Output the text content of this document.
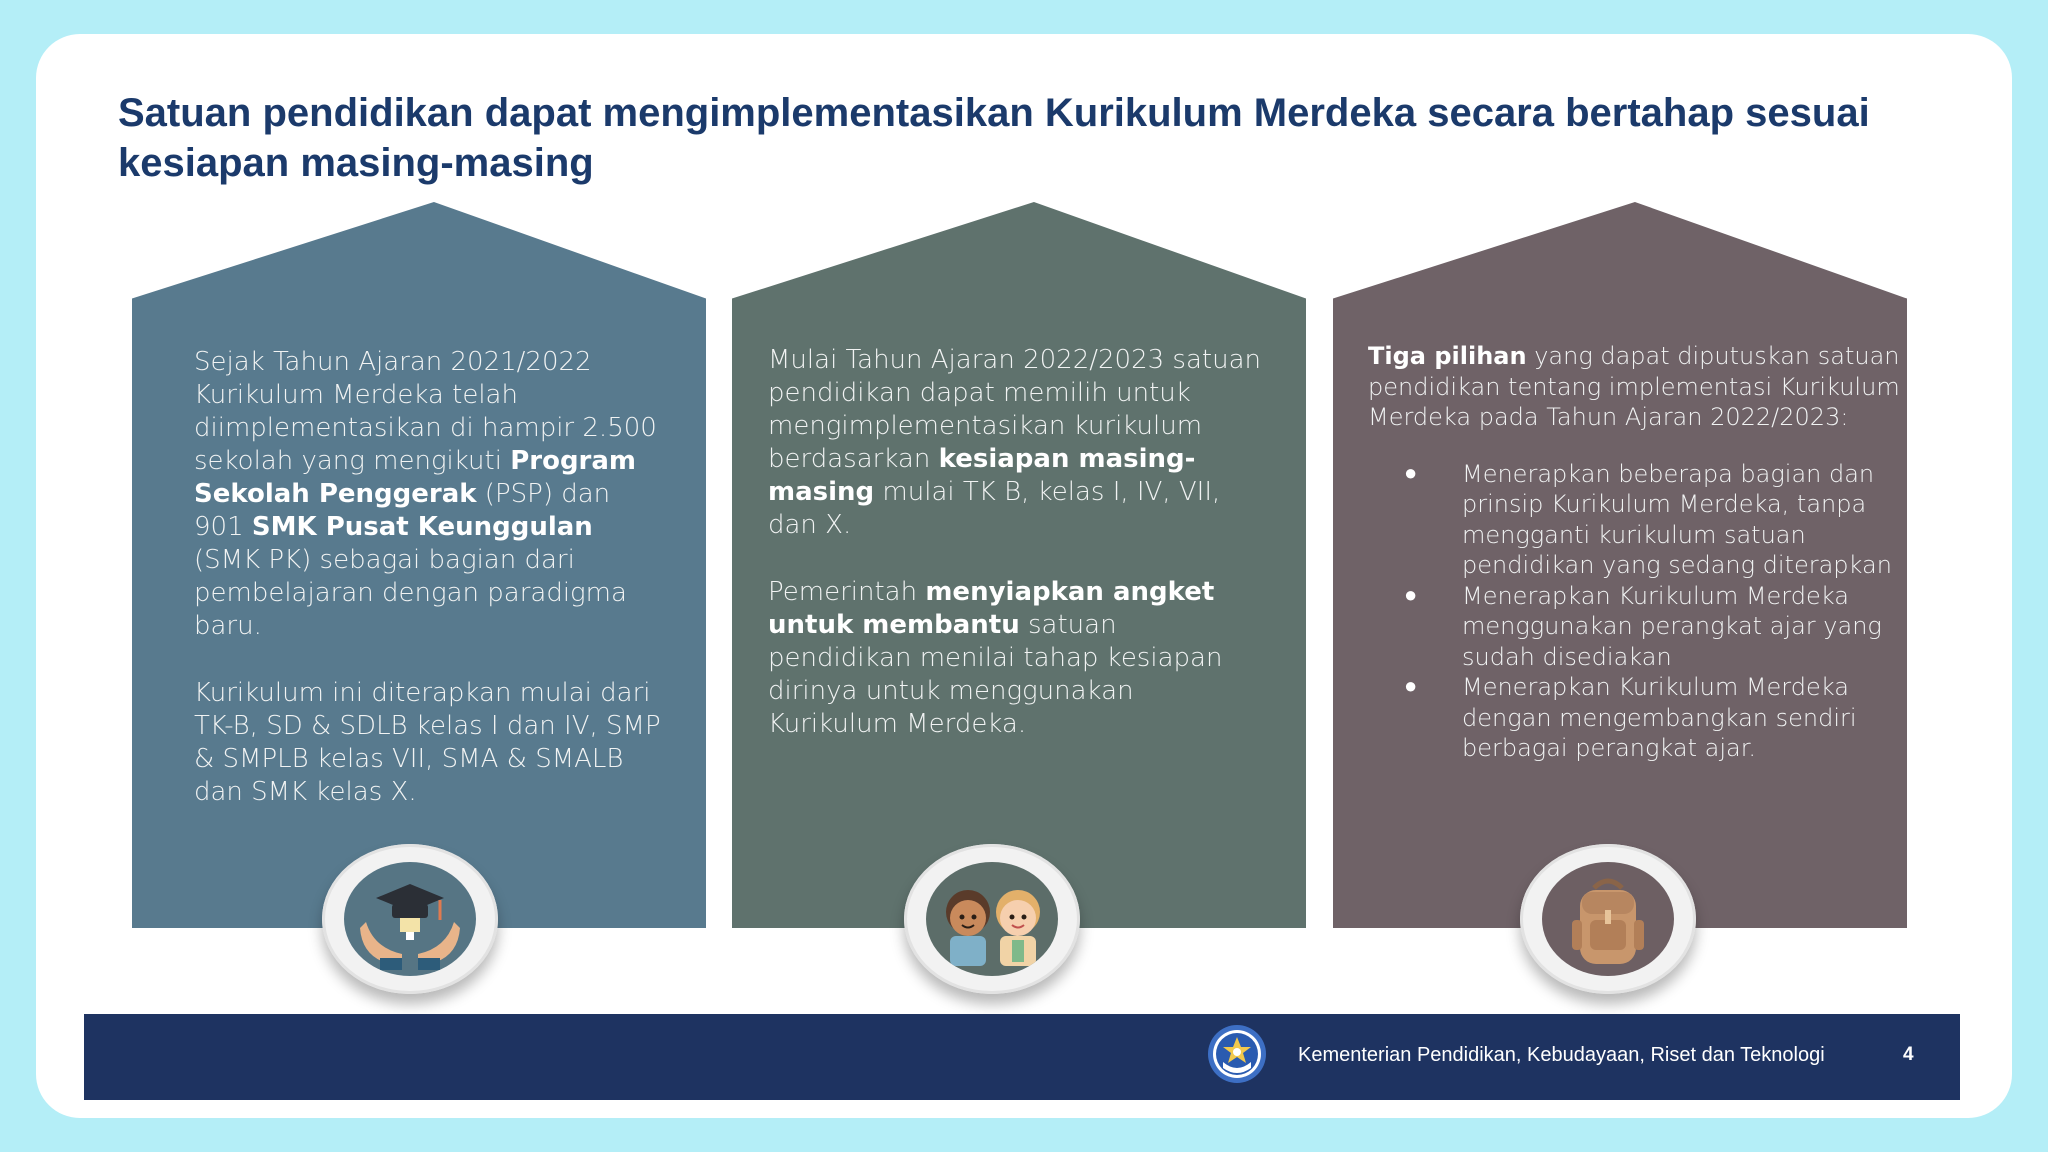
Satuan pendidikan dapat mengimplementasikan Kurikulum Merdeka secara bertahap sesuai kesiapan masing-masing

Sejak Tahun Ajaran 2021/2022 Kurikulum Merdeka telah diimplementasikan di hampir 2.500 sekolah yang mengikuti Program Sekolah Penggerak (PSP) dan 901 SMK Pusat Keunggulan (SMK PK) sebagai bagian dari pembelajaran dengan paradigma baru.

Kurikulum ini diterapkan mulai dari TK-B, SD & SDLB kelas I dan IV, SMP & SMPLB kelas VII, SMA & SMALB dan SMK kelas X.

Mulai Tahun Ajaran 2022/2023 satuan pendidikan dapat memilih untuk mengimplementasikan kurikulum berdasarkan kesiapan masing-masing mulai TK B, kelas I, IV, VII, dan X.

Pemerintah menyiapkan angket untuk membantu satuan pendidikan menilai tahap kesiapan dirinya untuk menggunakan Kurikulum Merdeka.

Tiga pilihan yang dapat diputuskan satuan pendidikan tentang implementasi Kurikulum Merdeka pada Tahun Ajaran 2022/2023:

● Menerapkan beberapa bagian dan prinsip Kurikulum Merdeka, tanpa mengganti kurikulum satuan pendidikan yang sedang diterapkan
● Menerapkan Kurikulum Merdeka menggunakan perangkat ajar yang sudah disediakan
● Menerapkan Kurikulum Merdeka dengan mengembangkan sendiri berbagai perangkat ajar.
Kementerian Pendidikan, Kebudayaan, Riset dan Teknologi	4
